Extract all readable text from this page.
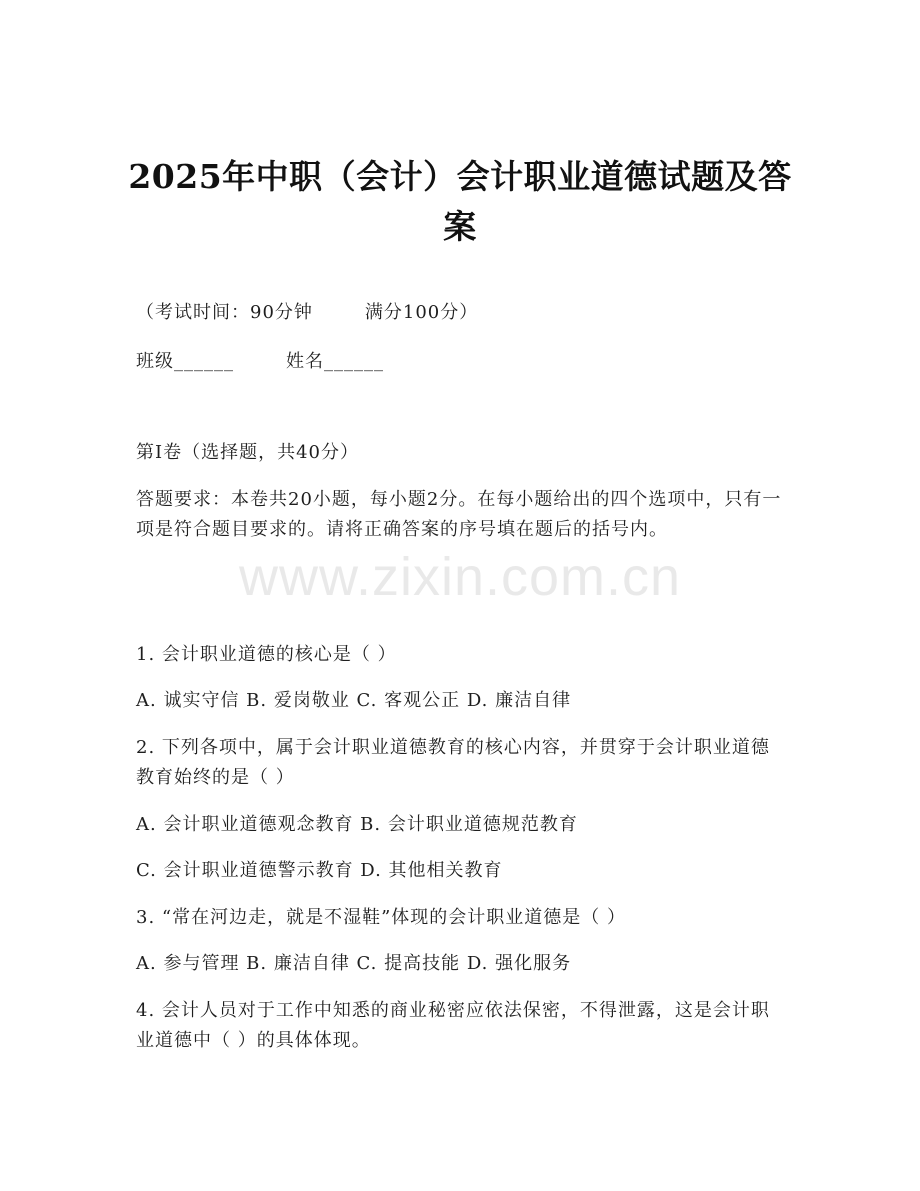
2025年中职（会计）会计职业道德试题及答案
（考试时间：90分钟	满分100分）
班级______	姓名______
第I卷（选择题，共40分）
答题要求：本卷共20小题，每小题2分。在每小题给出的四个选项中，只有一项是符合题目要求的。请将正确答案的序号填在题后的括号内。
www.zixin.com.cn
1. 会计职业道德的核心是（ ）
A. 诚实守信 B. 爱岗敬业 C. 客观公正 D. 廉洁自律
2. 下列各项中，属于会计职业道德教育的核心内容，并贯穿于会计职业道德教育始终的是（ ）
A. 会计职业道德观念教育 B. 会计职业道德规范教育
C. 会计职业道德警示教育 D. 其他相关教育
3. “常在河边走，就是不湿鞋”体现的会计职业道德是（ ）
A. 参与管理 B. 廉洁自律 C. 提高技能 D. 强化服务
4. 会计人员对于工作中知悉的商业秘密应依法保密，不得泄露，这是会计职业道德中（ ）的具体体现。
